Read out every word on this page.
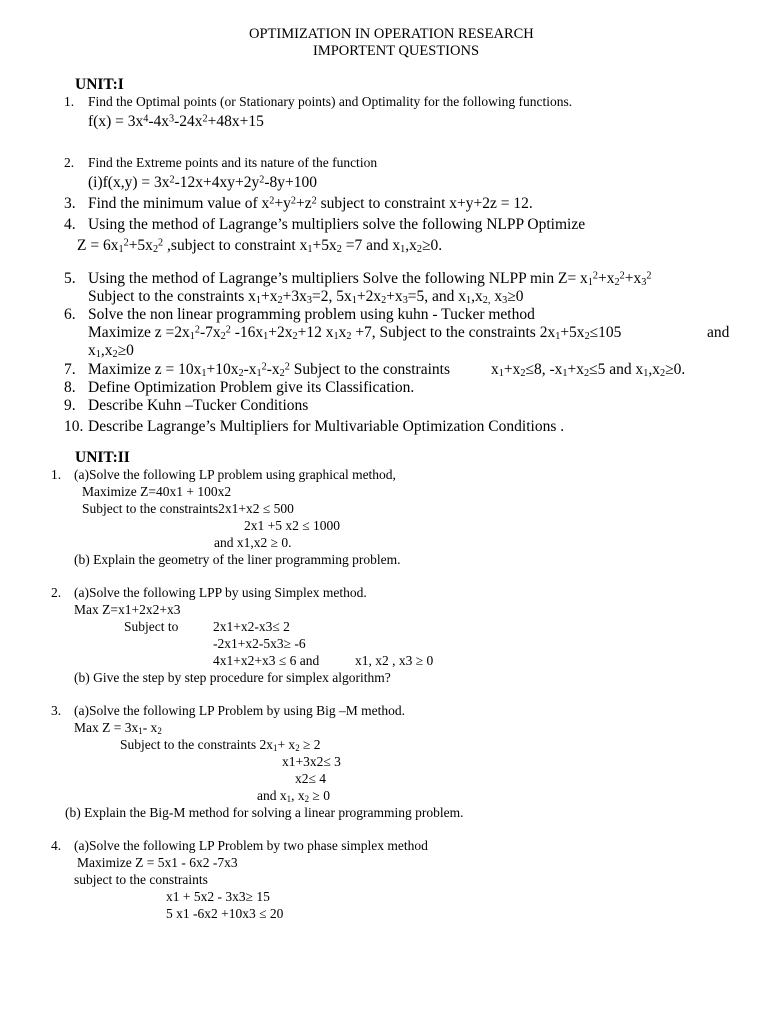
OPTIMIZATION IN OPERATION RESEARCH
IMPORTENT QUESTIONS
UNIT:I
1. Find the Optimal points (or Stationary points) and Optimality for the following functions.
$f(x) = 3x^4-4x^3-24x^2+48x+15$
2. Find the Extreme points and its nature of the function
$(i)f(x,y) = 3x^2-12x+4xy+2y^2-8y+100$
3. Find the minimum value of $x^2+y^2+z^2$ subject to constraint x+y+2z = 12.
4. Using the method of Lagrange’s multipliers solve the following NLPP Optimize
$Z = 6x_1^2+5x_2^2$ ,subject to constraint $x_1+5x_2 =7$ and $x_1,x_2\ge 0$.
5. Using the method of Lagrange’s multipliers Solve the following NLPP $\min Z= x_1^2+x_2^2+x_3^2$
Subject to the constraints $x_1+x_2+3x_3=2$, $5x_1+2x_2+x_3=5$, and $x_1,x_{2,}$ $x_3\ge 0$
6. Solve the non linear programming problem using kuhn - Tucker method
Maximize $z =2x_1^2-7x_2^2$ $-16x_1+2x_2+12$ $x_1x_2 +7$, Subject to the constraints $2x_1+5x_2\le 105$	and
$x_1,x_2\ge 0$
7. Maximize $z = 10x_1+10x_2-x_1^2-x_2^2$ Subject to the constraints	$x_1+x_2\le 8$, $-x_1+x_2\le 5$ and $x_1,x_2\ge 0$.
8. Define Optimization Problem give its Classification.
9. Describe Kuhn –Tucker Conditions
10. Describe Lagrange’s Multipliers for Multivariable Optimization Conditions .
UNIT:II
1. (a)Solve the following LP problem using graphical method,
Maximize Z=40x1 + 100x2
Subject to the constraints2x1+x2 ≤ 500
2x1 +5 x2 ≤ 1000
and x1,x2 ≥ 0.
(b) Explain the geometry of the liner programming problem.
2. (a)Solve the following LPP by using Simplex method.
Max Z=x1+2x2+x3
Subject to	2x1+x2-x3≤ 2
-2x1+x2-5x3≥ -6
4x1+x2+x3 ≤ 6 and	x1, x2 , x3 ≥ 0
(b) Give the step by step procedure for simplex algorithm?
3. (a)Solve the following LP Problem by using Big –M method.
Max $Z = 3x_1-$ $x_2$
Subject to the constraints $2x_1+ x_2 \ge 2$
x1+3x2≤ 3
x2≤ 4
and $x_1$, $x_2 \ge 0$
(b) Explain the Big-M method for solving a linear programming problem.
4. (a)Solve the following LP Problem by two phase simplex method
Maximize Z = 5x1 - 6x2 -7x3
subject to the constraints
x1 + 5x2 - 3x3≥ 15
5 x1 -6x2 +10x3 ≤ 20
